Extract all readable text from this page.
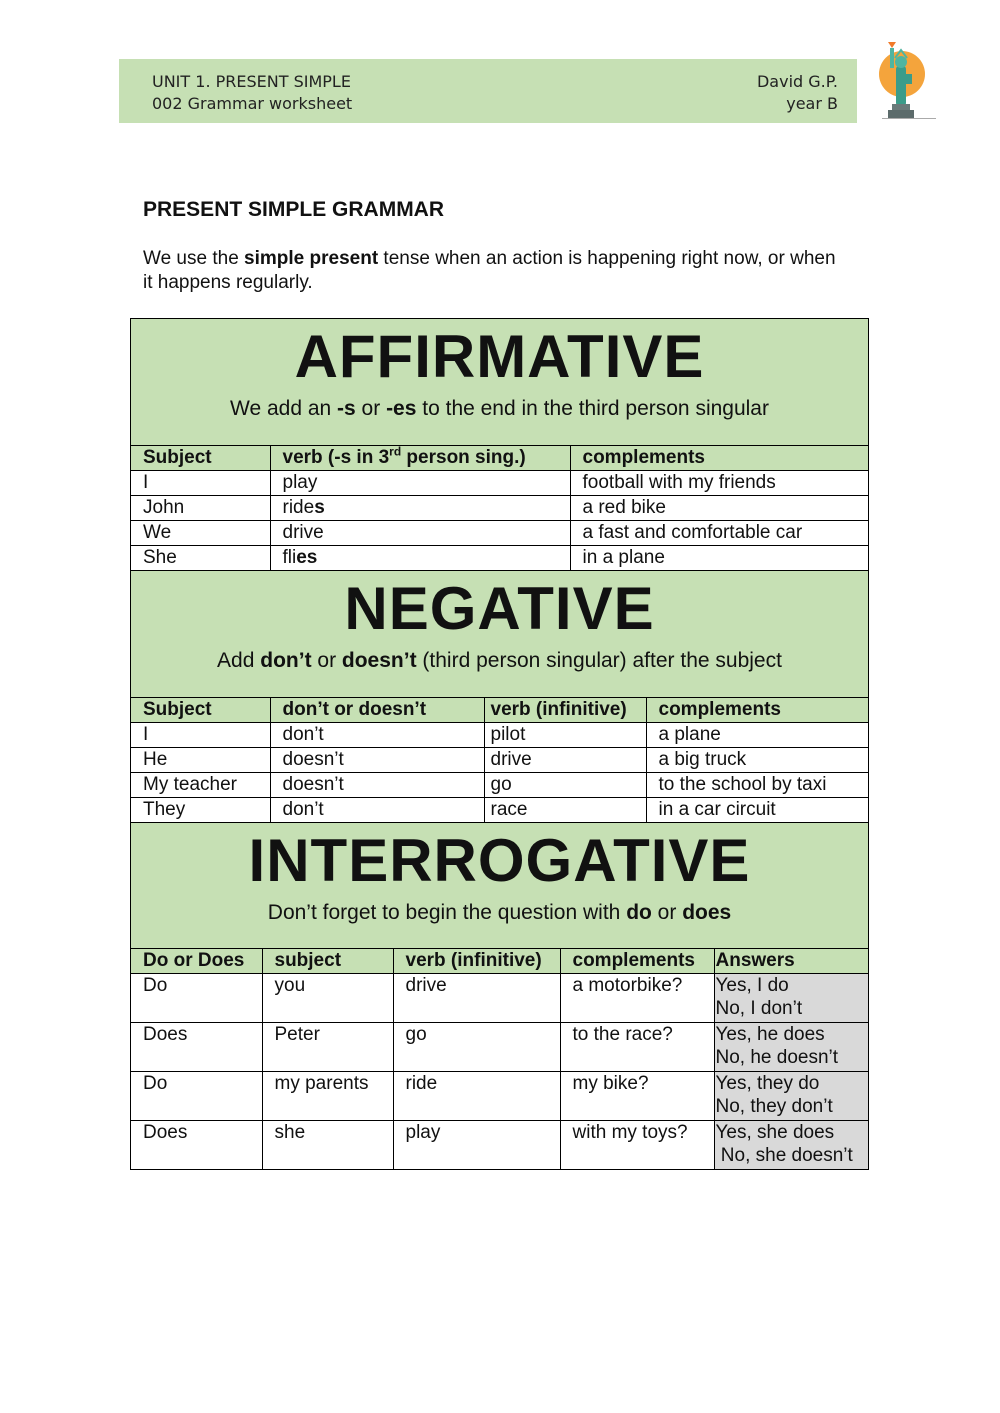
UNIT 1. PRESENT SIMPLE
002 Grammar worksheet
David G.P.
year B
PRESENT SIMPLE GRAMMAR
We use the simple present tense when an action is happening right now, or when it happens regularly.
AFFIRMATIVE
We add an -s or -es to the end in the third person singular
Subject	verb (-s in 3rd person sing.)	complements
I	play	football with my friends
John	rides	a red bike
We	drive	a fast and comfortable car
She	flies	in a plane
NEGATIVE
Add don’t or doesn’t (third person singular) after the subject
Subject	don’t or doesn’t	verb (infinitive)	complements
I	don’t	pilot	a plane
He	doesn’t	drive	a big truck
My teacher	doesn’t	go	to the school by taxi
They	don’t	race	in a car circuit
INTERROGATIVE
Don’t forget to begin the question with do or does
Do or Does	subject	verb (infinitive)	complements	Answers
Do	you	drive	a motorbike?	Yes, I do
No, I don’t

Does	Peter	go	to the race?	Yes, he does
No, he doesn’t

Do	my parents	ride	my bike?	Yes, they do
No, they don’t

Does	she	play	with my toys?	Yes, she does
No, she doesn’t
